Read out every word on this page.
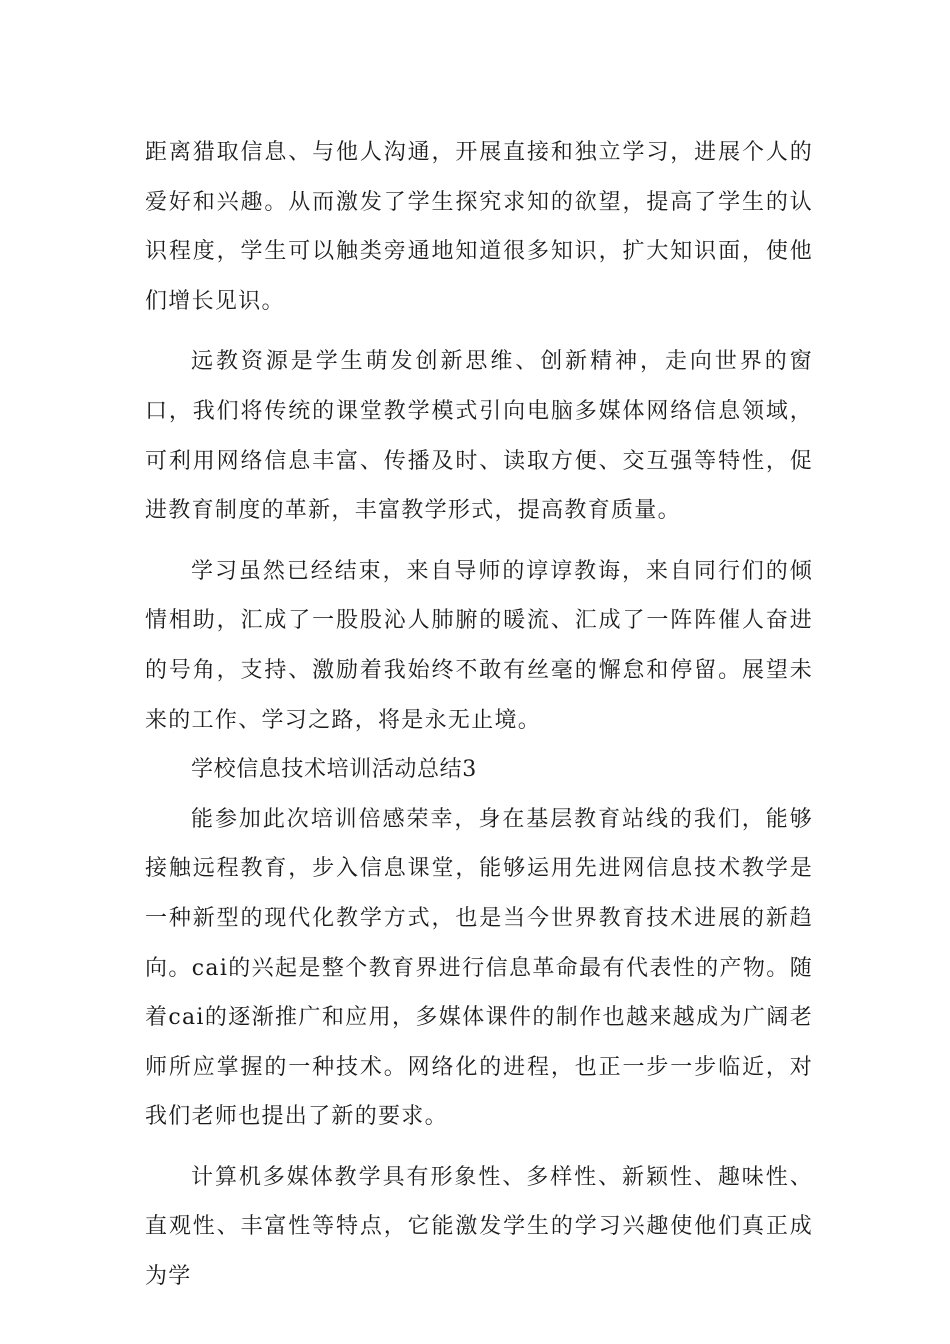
距离猎取信息、与他人沟通，开展直接和独立学习，进展个人的爱好和兴趣。从而激发了学生探究求知的欲望，提高了学生的认识程度，学生可以触类旁通地知道很多知识，扩大知识面，使他们增长见识。

远教资源是学生萌发创新思维、创新精神，走向世界的窗口，我们将传统的课堂教学模式引向电脑多媒体网络信息领域，可利用网络信息丰富、传播及时、读取方便、交互强等特性，促进教育制度的革新，丰富教学形式，提高教育质量。

学习虽然已经结束，来自导师的谆谆教诲，来自同行们的倾情相助，汇成了一股股沁人肺腑的暖流、汇成了一阵阵催人奋进的号角，支持、激励着我始终不敢有丝毫的懈怠和停留。展望未来的工作、学习之路，将是永无止境。

学校信息技术培训活动总结3

能参加此次培训倍感荣幸，身在基层教育站线的我们，能够接触远程教育，步入信息课堂，能够运用先进网信息技术教学是一种新型的现代化教学方式，也是当今世界教育技术进展的新趋向。cai的兴起是整个教育界进行信息革命最有代表性的产物。随着cai的逐渐推广和应用，多媒体课件的制作也越来越成为广阔老师所应掌握的一种技术。网络化的进程，也正一步一步临近，对我们老师也提出了新的要求。

计算机多媒体教学具有形象性、多样性、新颖性、趣味性、直观性、丰富性等特点，它能激发学生的学习兴趣使他们真正成为学
